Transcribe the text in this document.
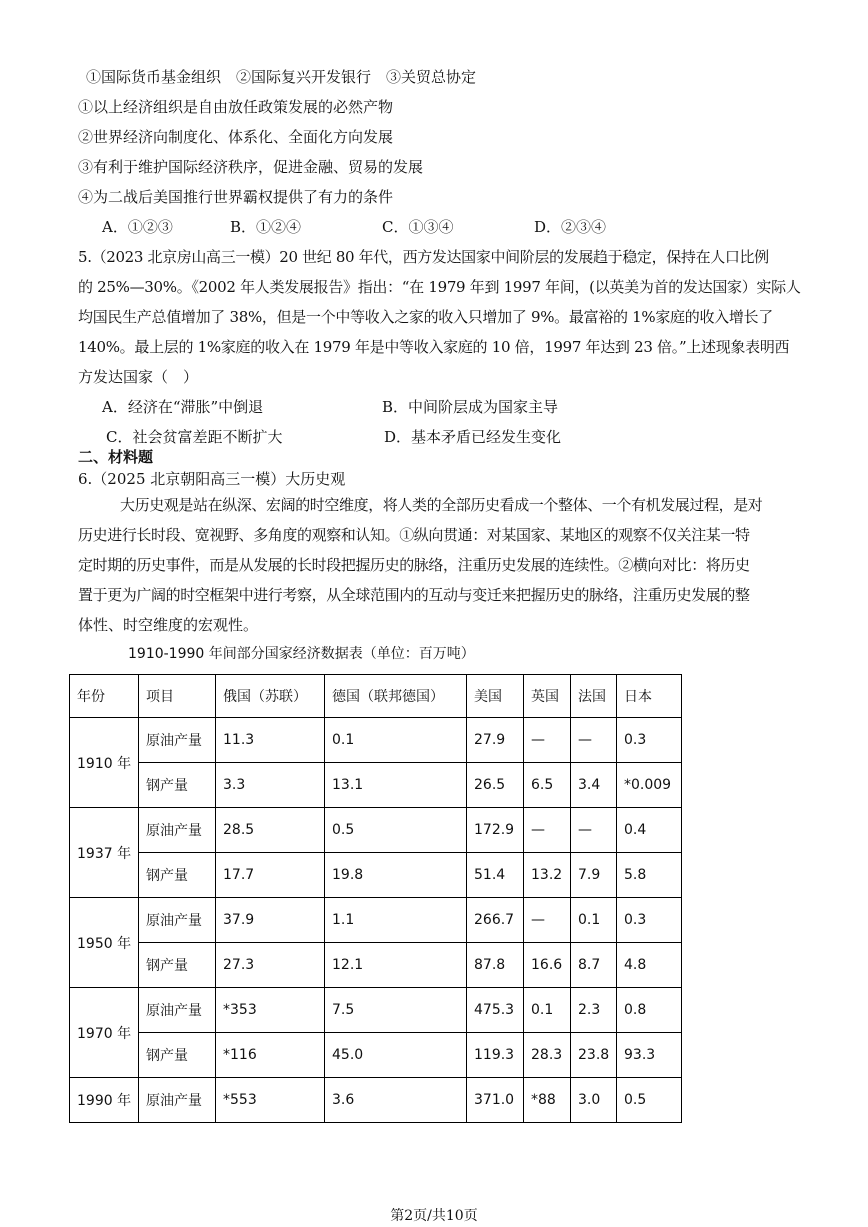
①国际货币基金组织　②国际复兴开发银行　③关贸总协定
①以上经济组织是自由放任政策发展的必然产物
②世界经济向制度化、体系化、全面化方向发展
③有利于维护国际经济秩序，促进金融、贸易的发展
④为二战后美国推行世界霸权提供了有力的条件
A．①②③	B．①②④	C．①③④	D．②③④
5.（2023 北京房山高三一模）20 世纪 80 年代，西方发达国家中间阶层的发展趋于稳定，保持在人口比例
的 25%—30%。《2002 年人类发展报告》指出：“在 1979 年到 1997 年间，(以英美为首的发达国家）实际人
均国民生产总值增加了 38%，但是一个中等收入之家的收入只增加了 9%。最富裕的 1%家庭的收入增长了
140%。最上层的 1%家庭的收入在 1979 年是中等收入家庭的 10 倍，1997 年达到 23 倍。”上述现象表明西
方发达国家（　）
A．经济在“滞胀”中倒退	B．中间阶层成为国家主导
C．社会贫富差距不断扩大	D．基本矛盾已经发生变化
二、材料题
6.（2025 北京朝阳高三一模）大历史观
大历史观是站在纵深、宏阔的时空维度，将人类的全部历史看成一个整体、一个有机发展过程，是对
历史进行长时段、宽视野、多角度的观察和认知。①纵向贯通：对某国家、某地区的观察不仅关注某一特
定时期的历史事件，而是从发展的长时段把握历史的脉络，注重历史发展的连续性。②横向对比：将历史
置于更为广阔的时空框架中进行考察，从全球范围内的互动与变迁来把握历史的脉络，注重历史发展的整
体性、时空维度的宏观性。
1910-1990 年间部分国家经济数据表（单位：百万吨）
年份	项目	俄国（苏联）	德国（联邦德国）	美国	英国	法国	日本
1910 年	原油产量	11.3	0.1	27.9	—	—	0.3
	钢产量	3.3	13.1	26.5	6.5	3.4	*0.009
1937 年	原油产量	28.5	0.5	172.9	—	—	0.4
	钢产量	17.7	19.8	51.4	13.2	7.9	5.8
1950 年	原油产量	37.9	1.1	266.7	—	0.1	0.3
	钢产量	27.3	12.1	87.8	16.6	8.7	4.8
1970 年	原油产量	*353	7.5	475.3	0.1	2.3	0.8
	钢产量	*116	45.0	119.3	28.3	23.8	93.3
1990 年	原油产量	*553	3.6	371.0	*88	3.0	0.5
第2页/共10页
